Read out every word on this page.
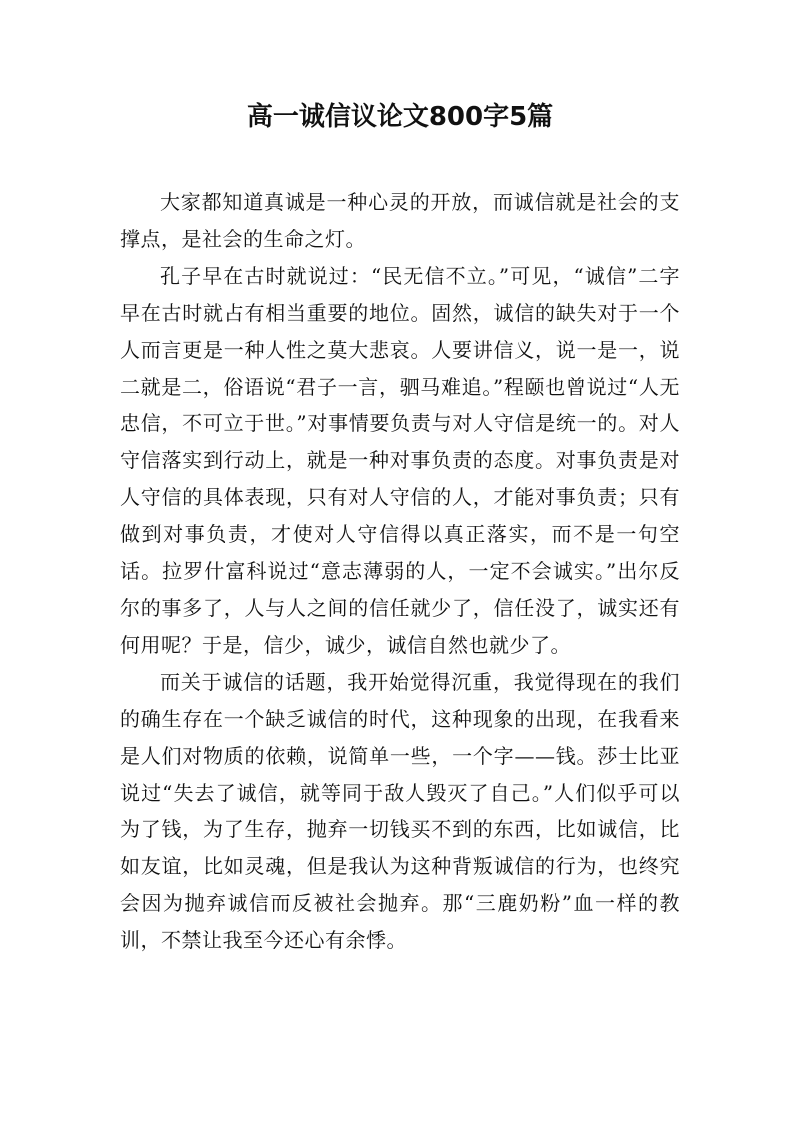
高一诚信议论文800字5篇

大家都知道真诚是一种心灵的开放，而诚信就是社会的支撑点，是社会的生命之灯。

孔子早在古时就说过：“民无信不立。”可见，“诚信”二字早在古时就占有相当重要的地位。固然，诚信的缺失对于一个人而言更是一种人性之莫大悲哀。人要讲信义，说一是一，说二就是二，俗语说“君子一言，驷马难追。”程颐也曾说过“人无忠信，不可立于世。”对事情要负责与对人守信是统一的。对人守信落实到行动上，就是一种对事负责的态度。对事负责是对人守信的具体表现，只有对人守信的人，才能对事负责；只有做到对事负责，才使对人守信得以真正落实，而不是一句空话。拉罗什富科说过“意志薄弱的人，一定不会诚实。”出尔反尔的事多了，人与人之间的信任就少了，信任没了，诚实还有何用呢？于是，信少，诚少，诚信自然也就少了。

而关于诚信的话题，我开始觉得沉重，我觉得现在的我们的确生存在一个缺乏诚信的时代，这种现象的出现，在我看来是人们对物质的依赖，说简单一些，一个字——钱。莎士比亚说过“失去了诚信，就等同于敌人毁灭了自己。”人们似乎可以为了钱，为了生存，抛弃一切钱买不到的东西，比如诚信，比如友谊，比如灵魂，但是我认为这种背叛诚信的行为，也终究会因为抛弃诚信而反被社会抛弃。那“三鹿奶粉”血一样的教训，不禁让我至今还心有余悸。
